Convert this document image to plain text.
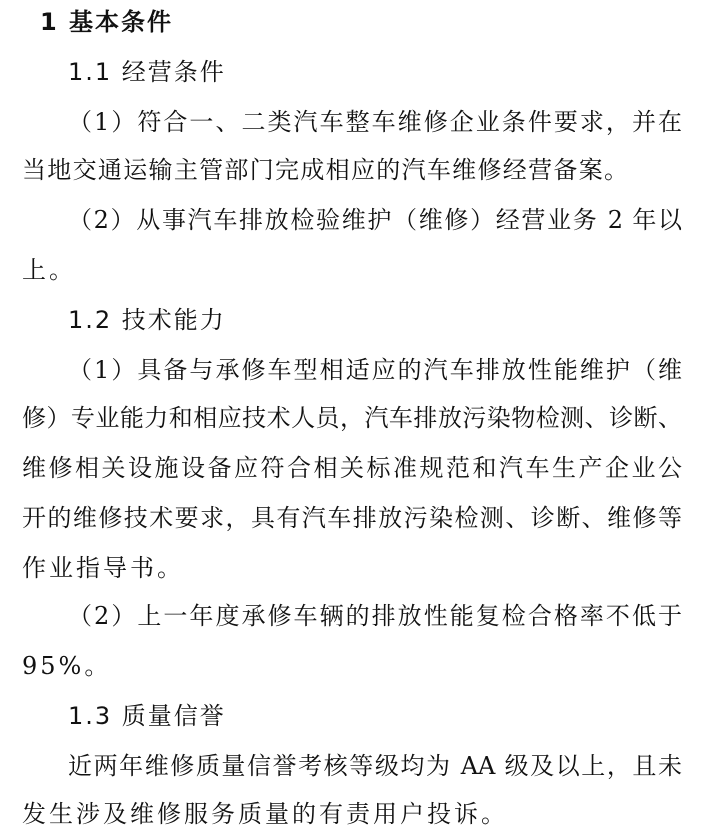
1 基本条件
1.1 经营条件
（1）符合一、二类汽车整车维修企业条件要求，并在
当地交通运输主管部门完成相应的汽车维修经营备案。
（2）从事汽车排放检验维护（维修）经营业务 2 年以
上。
1.2 技术能力
（1）具备与承修车型相适应的汽车排放性能维护（维
修）专业能力和相应技术人员，汽车排放污染物检测、诊断、
维修相关设施设备应符合相关标准规范和汽车生产企业公
开的维修技术要求，具有汽车排放污染检测、诊断、维修等
作业指导书。
（2）上一年度承修车辆的排放性能复检合格率不低于
95%。
1.3 质量信誉
近两年维修质量信誉考核等级均为 AA 级及以上，且未
发生涉及维修服务质量的有责用户投诉。
